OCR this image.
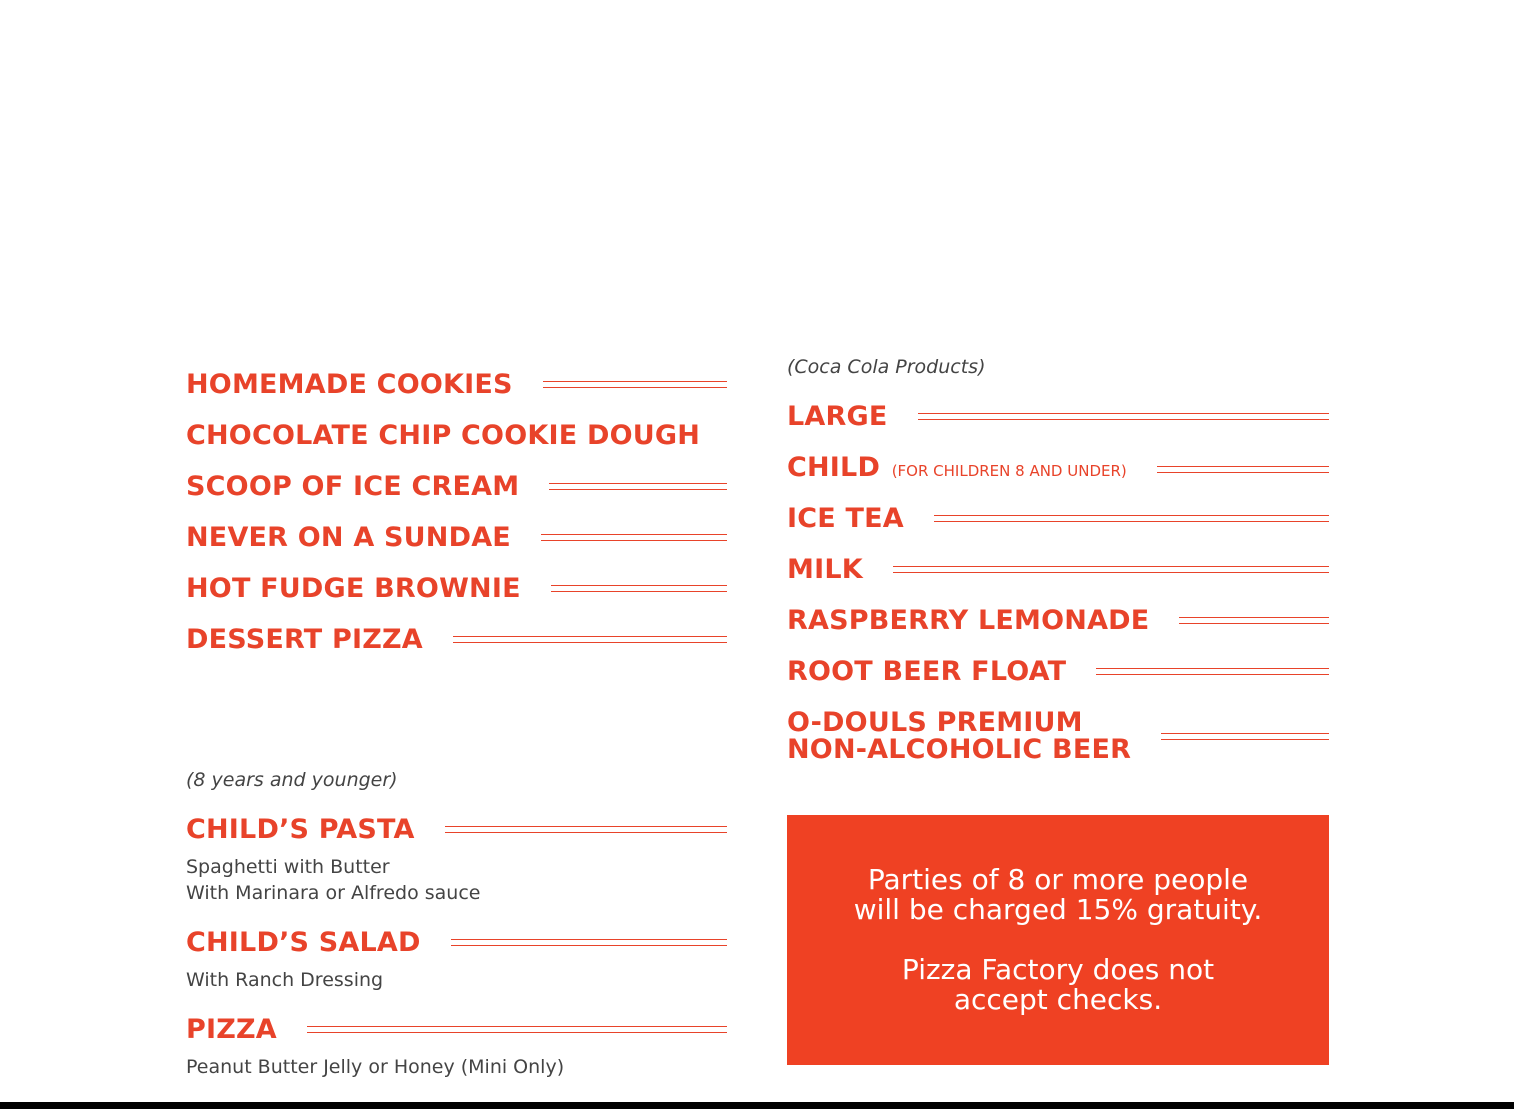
HOMEMADE COOKIES
CHOCOLATE CHIP COOKIE DOUGH
SCOOP OF ICE CREAM
NEVER ON A SUNDAE
HOT FUDGE BROWNIE
DESSERT PIZZA
(8 years and younger)
CHILD’S PASTA
Spaghetti with Butter
With Marinara or Alfredo sauce
CHILD’S SALAD
With Ranch Dressing
PIZZA
Peanut Butter Jelly or Honey (Mini Only)
(Coca Cola Products)
LARGE
CHILD (FOR CHILDREN 8 AND UNDER)
ICE TEA
MILK
RASPBERRY LEMONADE
ROOT BEER FLOAT
O-DOULS PREMIUM
NON-ALCOHOLIC BEER

Parties of 8 or more people

will be charged 15% gratuity.

Pizza Factory does not

accept checks.
